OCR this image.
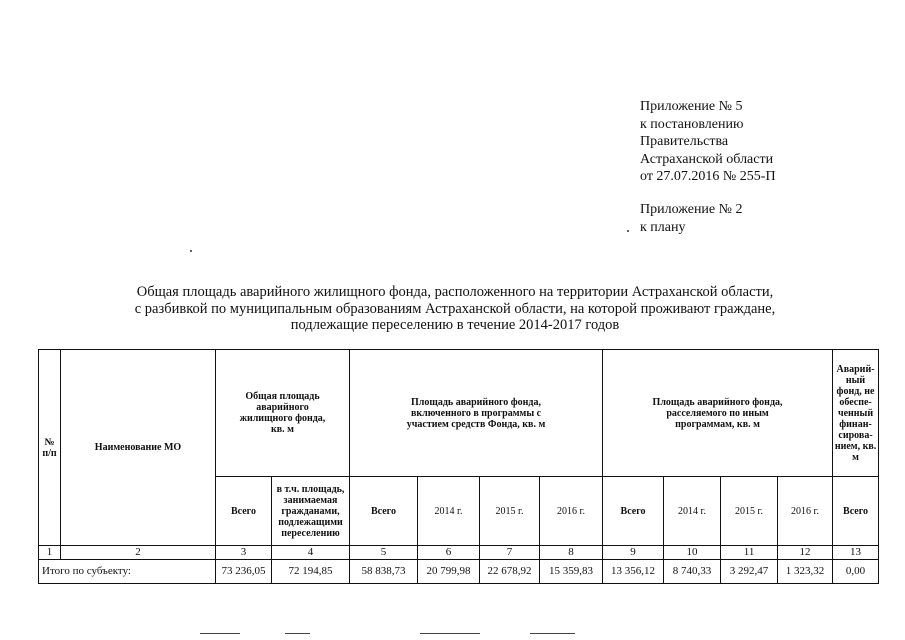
Приложение № 5
к постановлению
Правительства
Астраханской области
от 27.07.2016 № 255-П
Приложение № 2
к плану
Общая площадь аварийного жилищного фонда, расположенного на территории Астраханской области,
с разбивкой по муниципальным образованиям Астраханской области, на которой проживают граждане,
подлежащие переселению в течение 2014-2017 годов
№ п/п	Наименование МО	Общая площадь аварийного жилищного фонда, кв. м		Площадь аварийного фонда, включенного в программы с участием средств Фонда, кв. м				Площадь аварийного фонда, расселяемого по иным программам, кв. м				Аварий- ный фонд, не обеспе- ченный финан- сирова- нием, кв. м
		Всего	в т.ч. площадь, занимаемая гражданами, подлежащими переселению	Всего	2014 г.	2015 г.	2016 г.	Всего	2014 г.	2015 г.	2016 г.	Всего
1	2	3	4	5	6	7	8	9	10	11	12	13
Итого по субъекту:		73 236,05	72 194,85	58 838,73	20 799,98	22 678,92	15 359,83	13 356,12	8 740,33	3 292,47	1 323,32	0,00
